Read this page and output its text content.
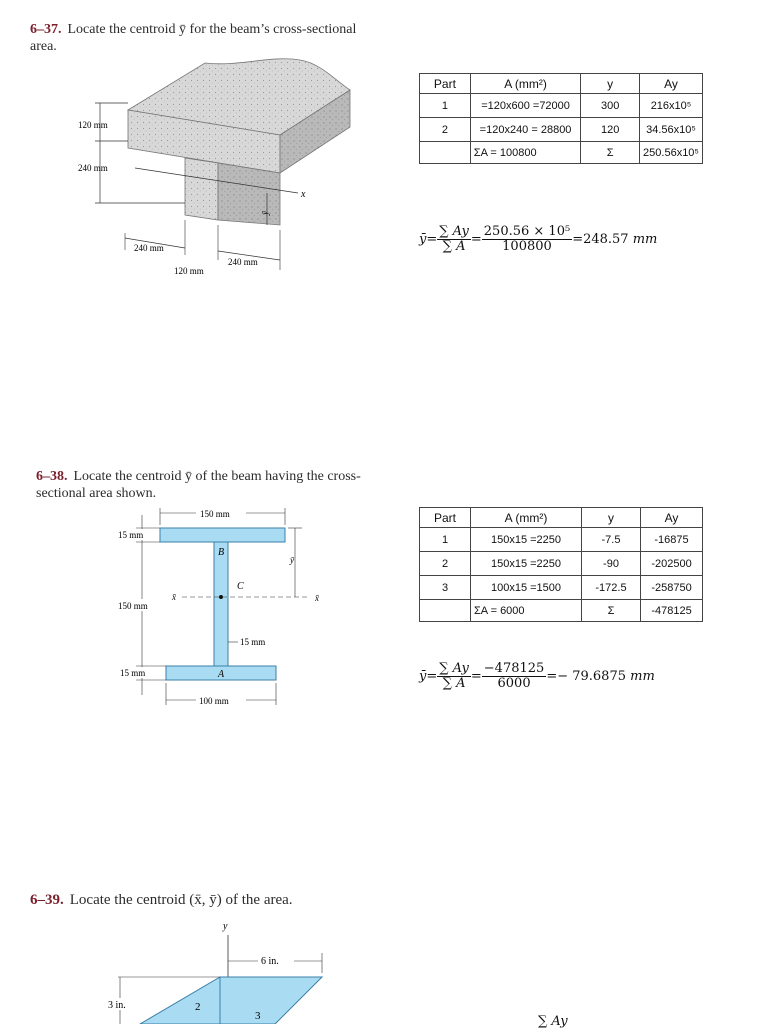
6–37. Locate the centroid ȳ for the beam’s cross-sectional
area.
x
ȳ
120 mm
240 mm
240 mm
120 mm
240 mm
Part	A (mm²)	y	Ay
1	=120x600 =72000	300	216x10⁵
2	=120x240 = 28800	120	34.56x10⁵
	ΣA = 100800	Σ	250.56x10⁵
ȳ= $\frac{\sum Ay}{\sum A} = \frac{\text{250.56 × 10⁵}}{100800} =248.57$ mm
6–38. Locate the centroid ȳ of the beam having the cross-
sectional area shown.
B
C
A
x̄	x̄
ȳ
150 mm
15 mm
150 mm
15 mm
15 mm
100 mm
Part	A (mm²)	y	Ay
1	150x15 =2250	-7.5	-16875
2	150x15 =2250	-90	-202500
3	100x15 =1500	-172.5	-258750
	ΣA = 6000	Σ	-478125
ȳ= $\frac{\sum Ay}{\sum A} = \frac{-478125}{6000} =- 79.6875$ mm
6–39. Locate the centroid (x̄, ȳ) of the area.
y
6 in.
3 in.	2
3	∑ Ay
